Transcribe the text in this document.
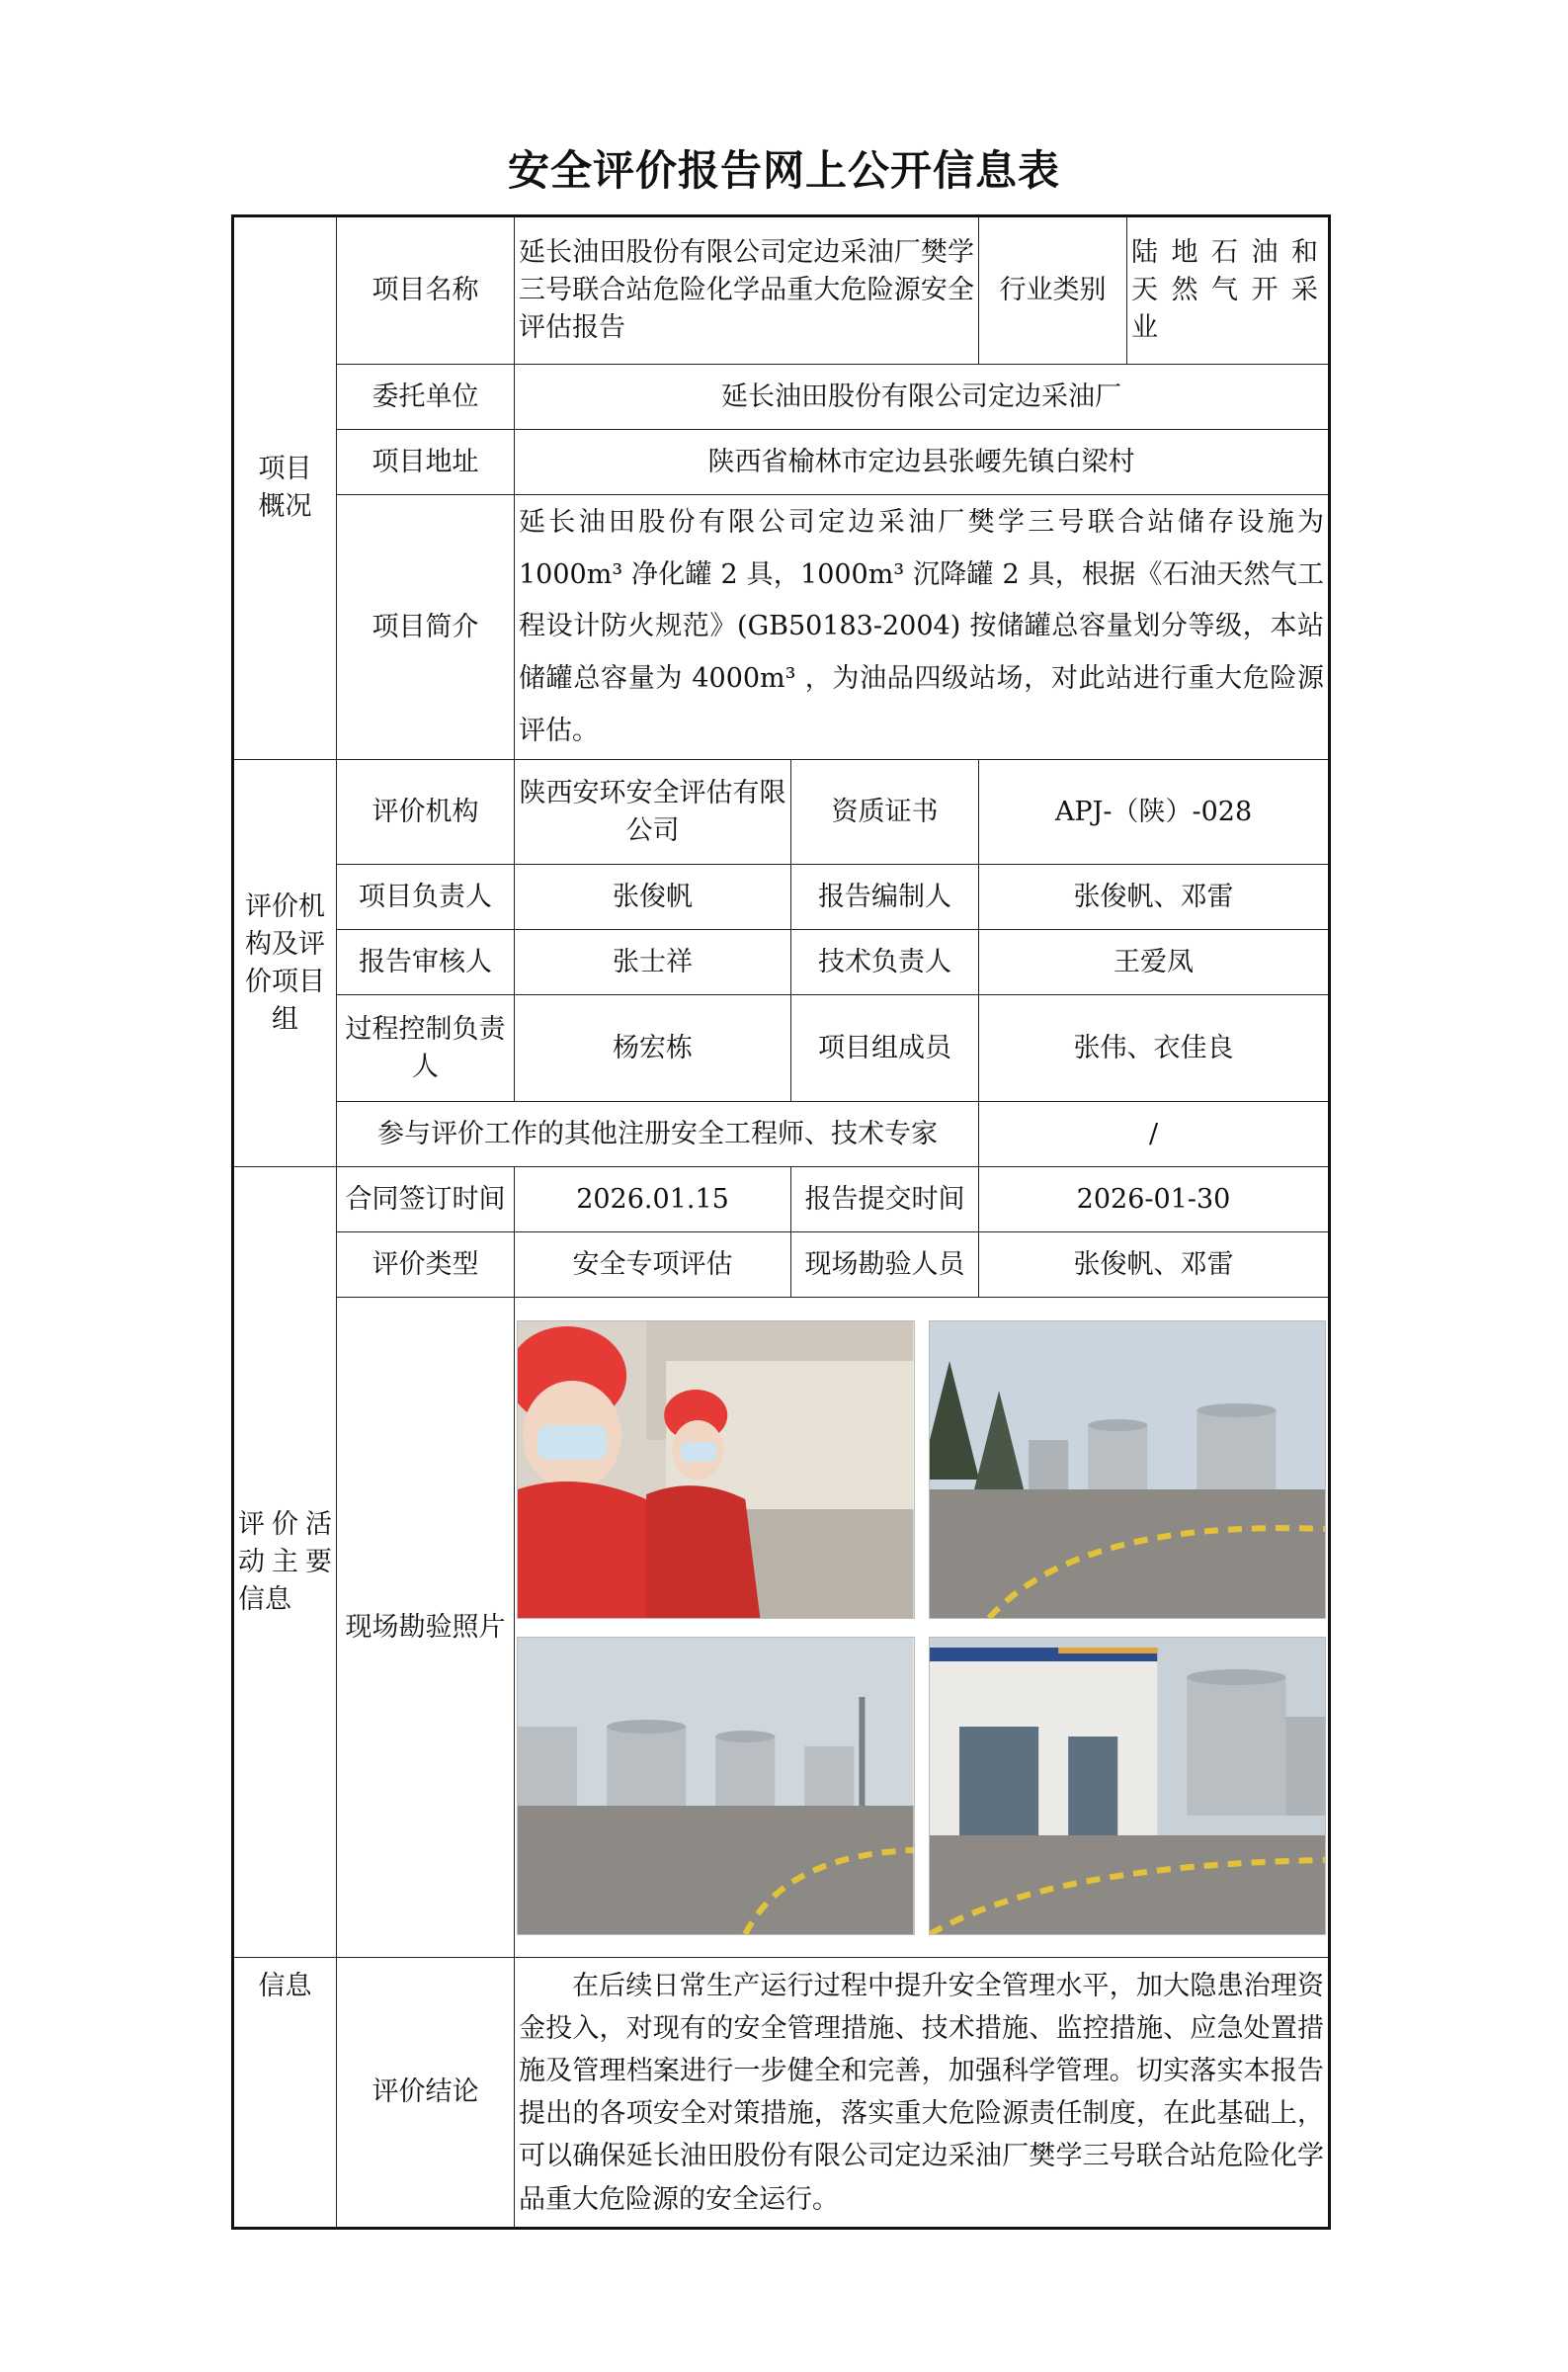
安全评价报告网上公开信息表
项目
概况	项目名称	延长油田股份有限公司定边采油厂樊学三号联合站危险化学品重大危险源安全评估报告		行业类别	陆地石油和天然气开采业
	委托单位	延长油田股份有限公司定边采油厂			
	项目地址	陕西省榆林市定边县张崾先镇白梁村			
	项目简介	延长油田股份有限公司定边采油厂樊学三号联合站储存设施为1000m³ 净化罐 2 具，1000m³ 沉降罐 2 具，根据《石油天然气工程设计防火规范》(GB50183-2004) 按储罐总容量划分等级，本站储罐总容量为 4000m³ ，为油品四级站场，对此站进行重大危险源评估。			
评价机构及评价项目组	评价机构	陕西安环安全评估有限公司	资质证书	APJ-（陕）-028	
	项目负责人	张俊帆	报告编制人	张俊帆、邓雷	
	报告审核人	张士祥	技术负责人	王爱凤	
	过程控制负责人	杨宏栋	项目组成员	张伟、衣佳良	
	参与评价工作的其他注册安全工程师、技术专家			/	
评价活动主要信息	合同签订时间	2026.01.15	报告提交时间	2026-01-30	
	评价类型	安全专项评估	现场勘验人员	张俊帆、邓雷	
	现场勘验照片	

信息	评价结论	在后续日常生产运行过程中提升安全管理水平，加大隐患治理资金投入，对现有的安全管理措施、技术措施、监控措施、应急处置措施及管理档案进行一步健全和完善，加强科学管理。切实落实本报告提出的各项安全对策措施，落实重大危险源责任制度，在此基础上，可以确保延长油田股份有限公司定边采油厂樊学三号联合站危险化学品重大危险源的安全运行。			
